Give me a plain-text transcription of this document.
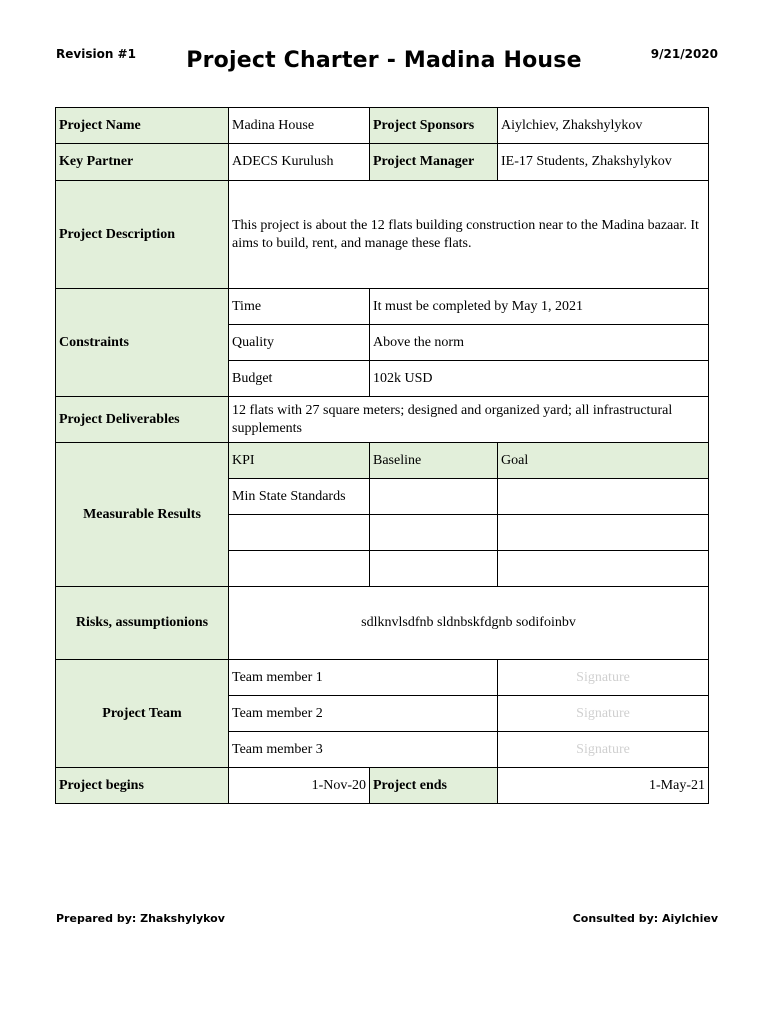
Revision #1	Project Charter - Madina House	9/21/2020
Project Name	Madina House	Project Sponsors	Aiylchiev, Zhakshylykov
Key Partner	ADECS Kurulush	Project Manager	IE-17 Students, Zhakshylykov
Project Description	This project is about the 12 flats building construction near to the Madina bazaar. It aims to build, rent, and manage these flats.		
Constraints	Time	It must be completed by May 1, 2021	
	Quality	Above the norm	
	Budget	102k USD	
Project Deliverables	12 flats with 27 square meters; designed and organized yard; all infrastructural supplements		
Measurable Results	KPI	Baseline	Goal
	Min State Standards		

Risks, assumptionions	sdlknvlsdfnb sldnbskfdgnb sodifoinbv		
Project Team	Team member 1		Signature
	Team member 2		Signature
	Team member 3		Signature
Project begins	1-Nov-20	Project ends	1-May-21
Prepared by: Zhakshylykov	Consulted by: Aiylchiev
